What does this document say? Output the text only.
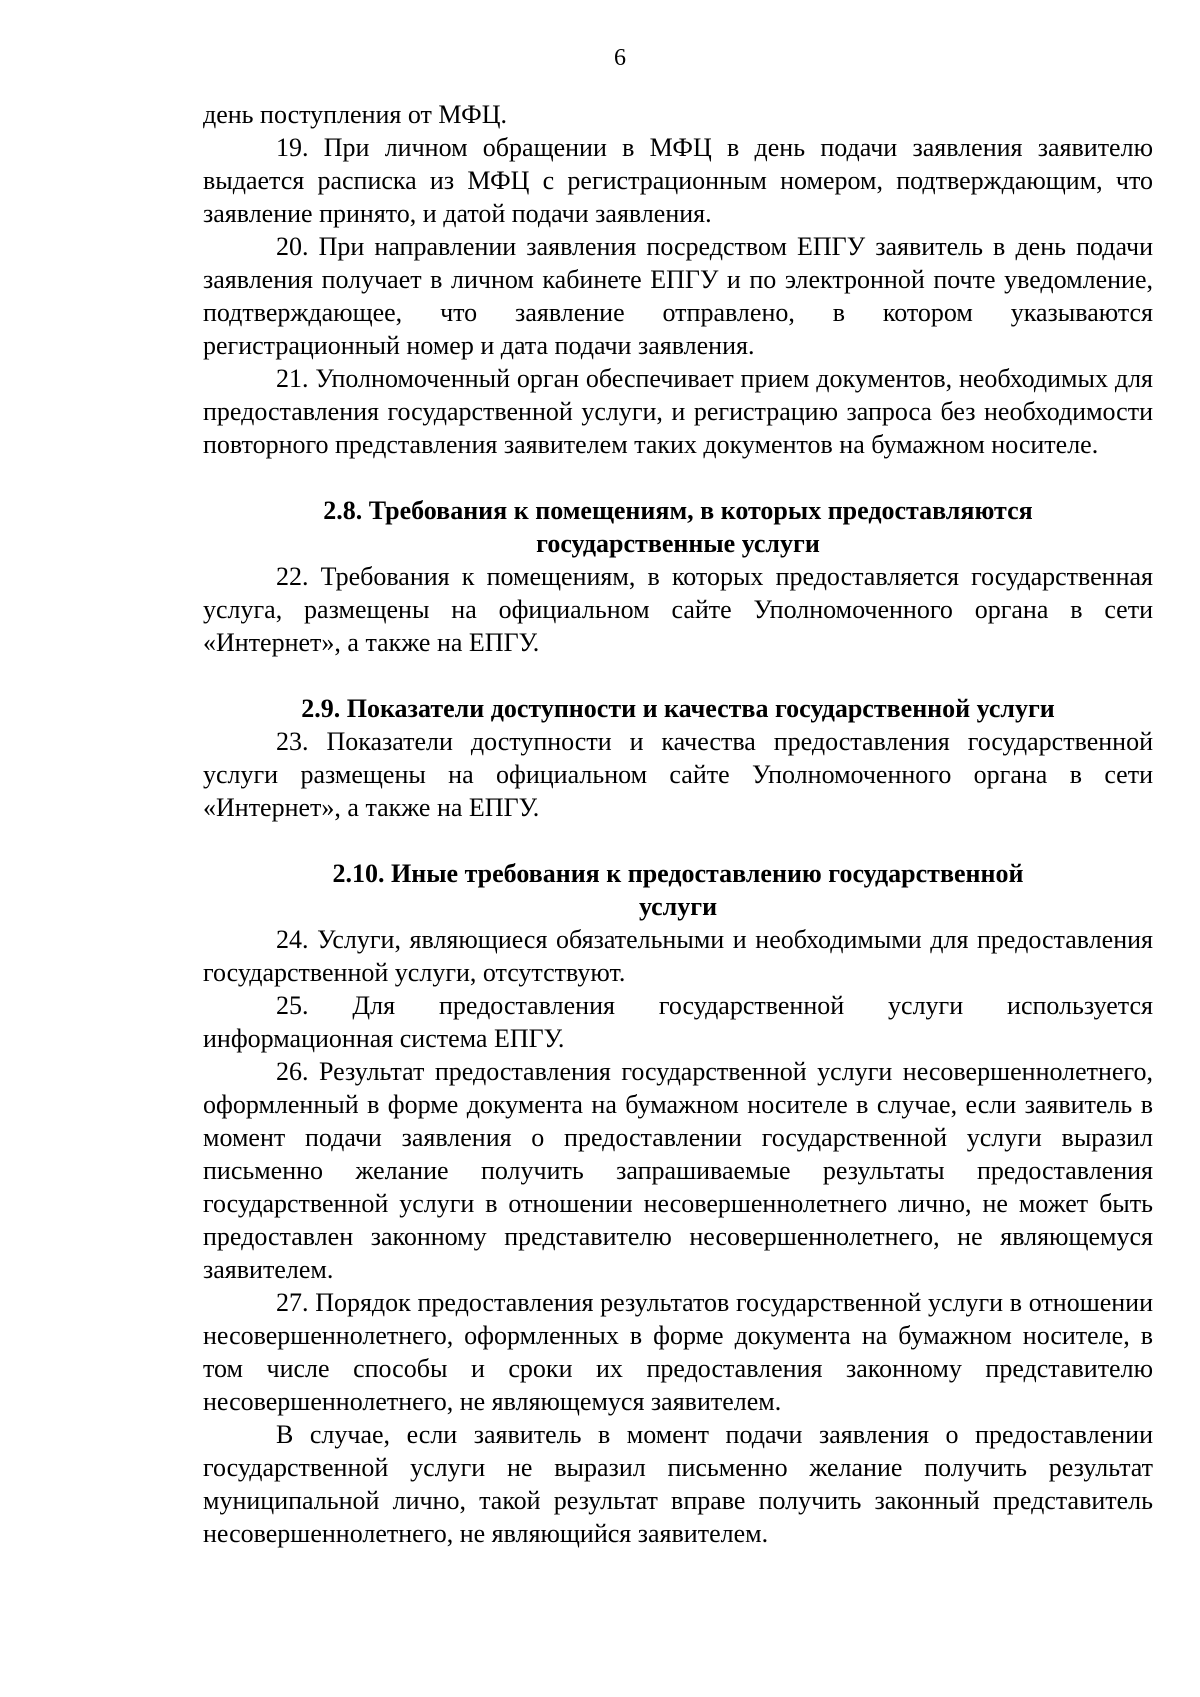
6

день поступления от МФЦ.

19. При личном обращении в МФЦ в день подачи заявления заявителю выдается расписка из МФЦ с регистрационным номером, подтверждающим, что заявление принято, и датой подачи заявления.

20. При направлении заявления посредством ЕПГУ заявитель в день подачи заявления получает в личном кабинете ЕПГУ и по электронной почте уведомление, подтверждающее, что заявление отправлено, в котором указываются регистрационный номер и дата подачи заявления.

21. Уполномоченный орган обеспечивает прием документов, необходимых для предоставления государственной услуги, и регистрацию запроса без необходимости повторного представления заявителем таких документов на бумажном носителе.

2.8. Требования к помещениям, в которых предоставляются
государственные услуги

22. Требования к помещениям, в которых предоставляется государственная услуга, размещены на официальном сайте Уполномоченного органа в сети «Интернет», а также на ЕПГУ.

2.9. Показатели доступности и качества государственной услуги

23. Показатели доступности и качества предоставления государственной услуги размещены на официальном сайте Уполномоченного органа в сети «Интернет», а также на ЕПГУ.

2.10. Иные требования к предоставлению государственной
услуги

24. Услуги, являющиеся обязательными и необходимыми для предоставления государственной услуги, отсутствуют.

25. Для предоставления государственной услуги используется информационная система ЕПГУ.

26. Результат предоставления государственной услуги несовершеннолетнего, оформленный в форме документа на бумажном носителе в случае, если заявитель в момент подачи заявления о предоставлении государственной услуги выразил письменно желание получить запрашиваемые результаты предоставления государственной услуги в отношении несовершеннолетнего лично, не может быть предоставлен законному представителю несовершеннолетнего, не являющемуся заявителем.

27. Порядок предоставления результатов государственной услуги в отношении несовершеннолетнего, оформленных в форме документа на бумажном носителе, в том числе способы и сроки их предоставления законному представителю несовершеннолетнего, не являющемуся заявителем.

В случае, если заявитель в момент подачи заявления о предоставлении государственной услуги не выразил письменно желание получить результат муниципальной лично, такой результат вправе получить законный представитель несовершеннолетнего, не являющийся заявителем.
